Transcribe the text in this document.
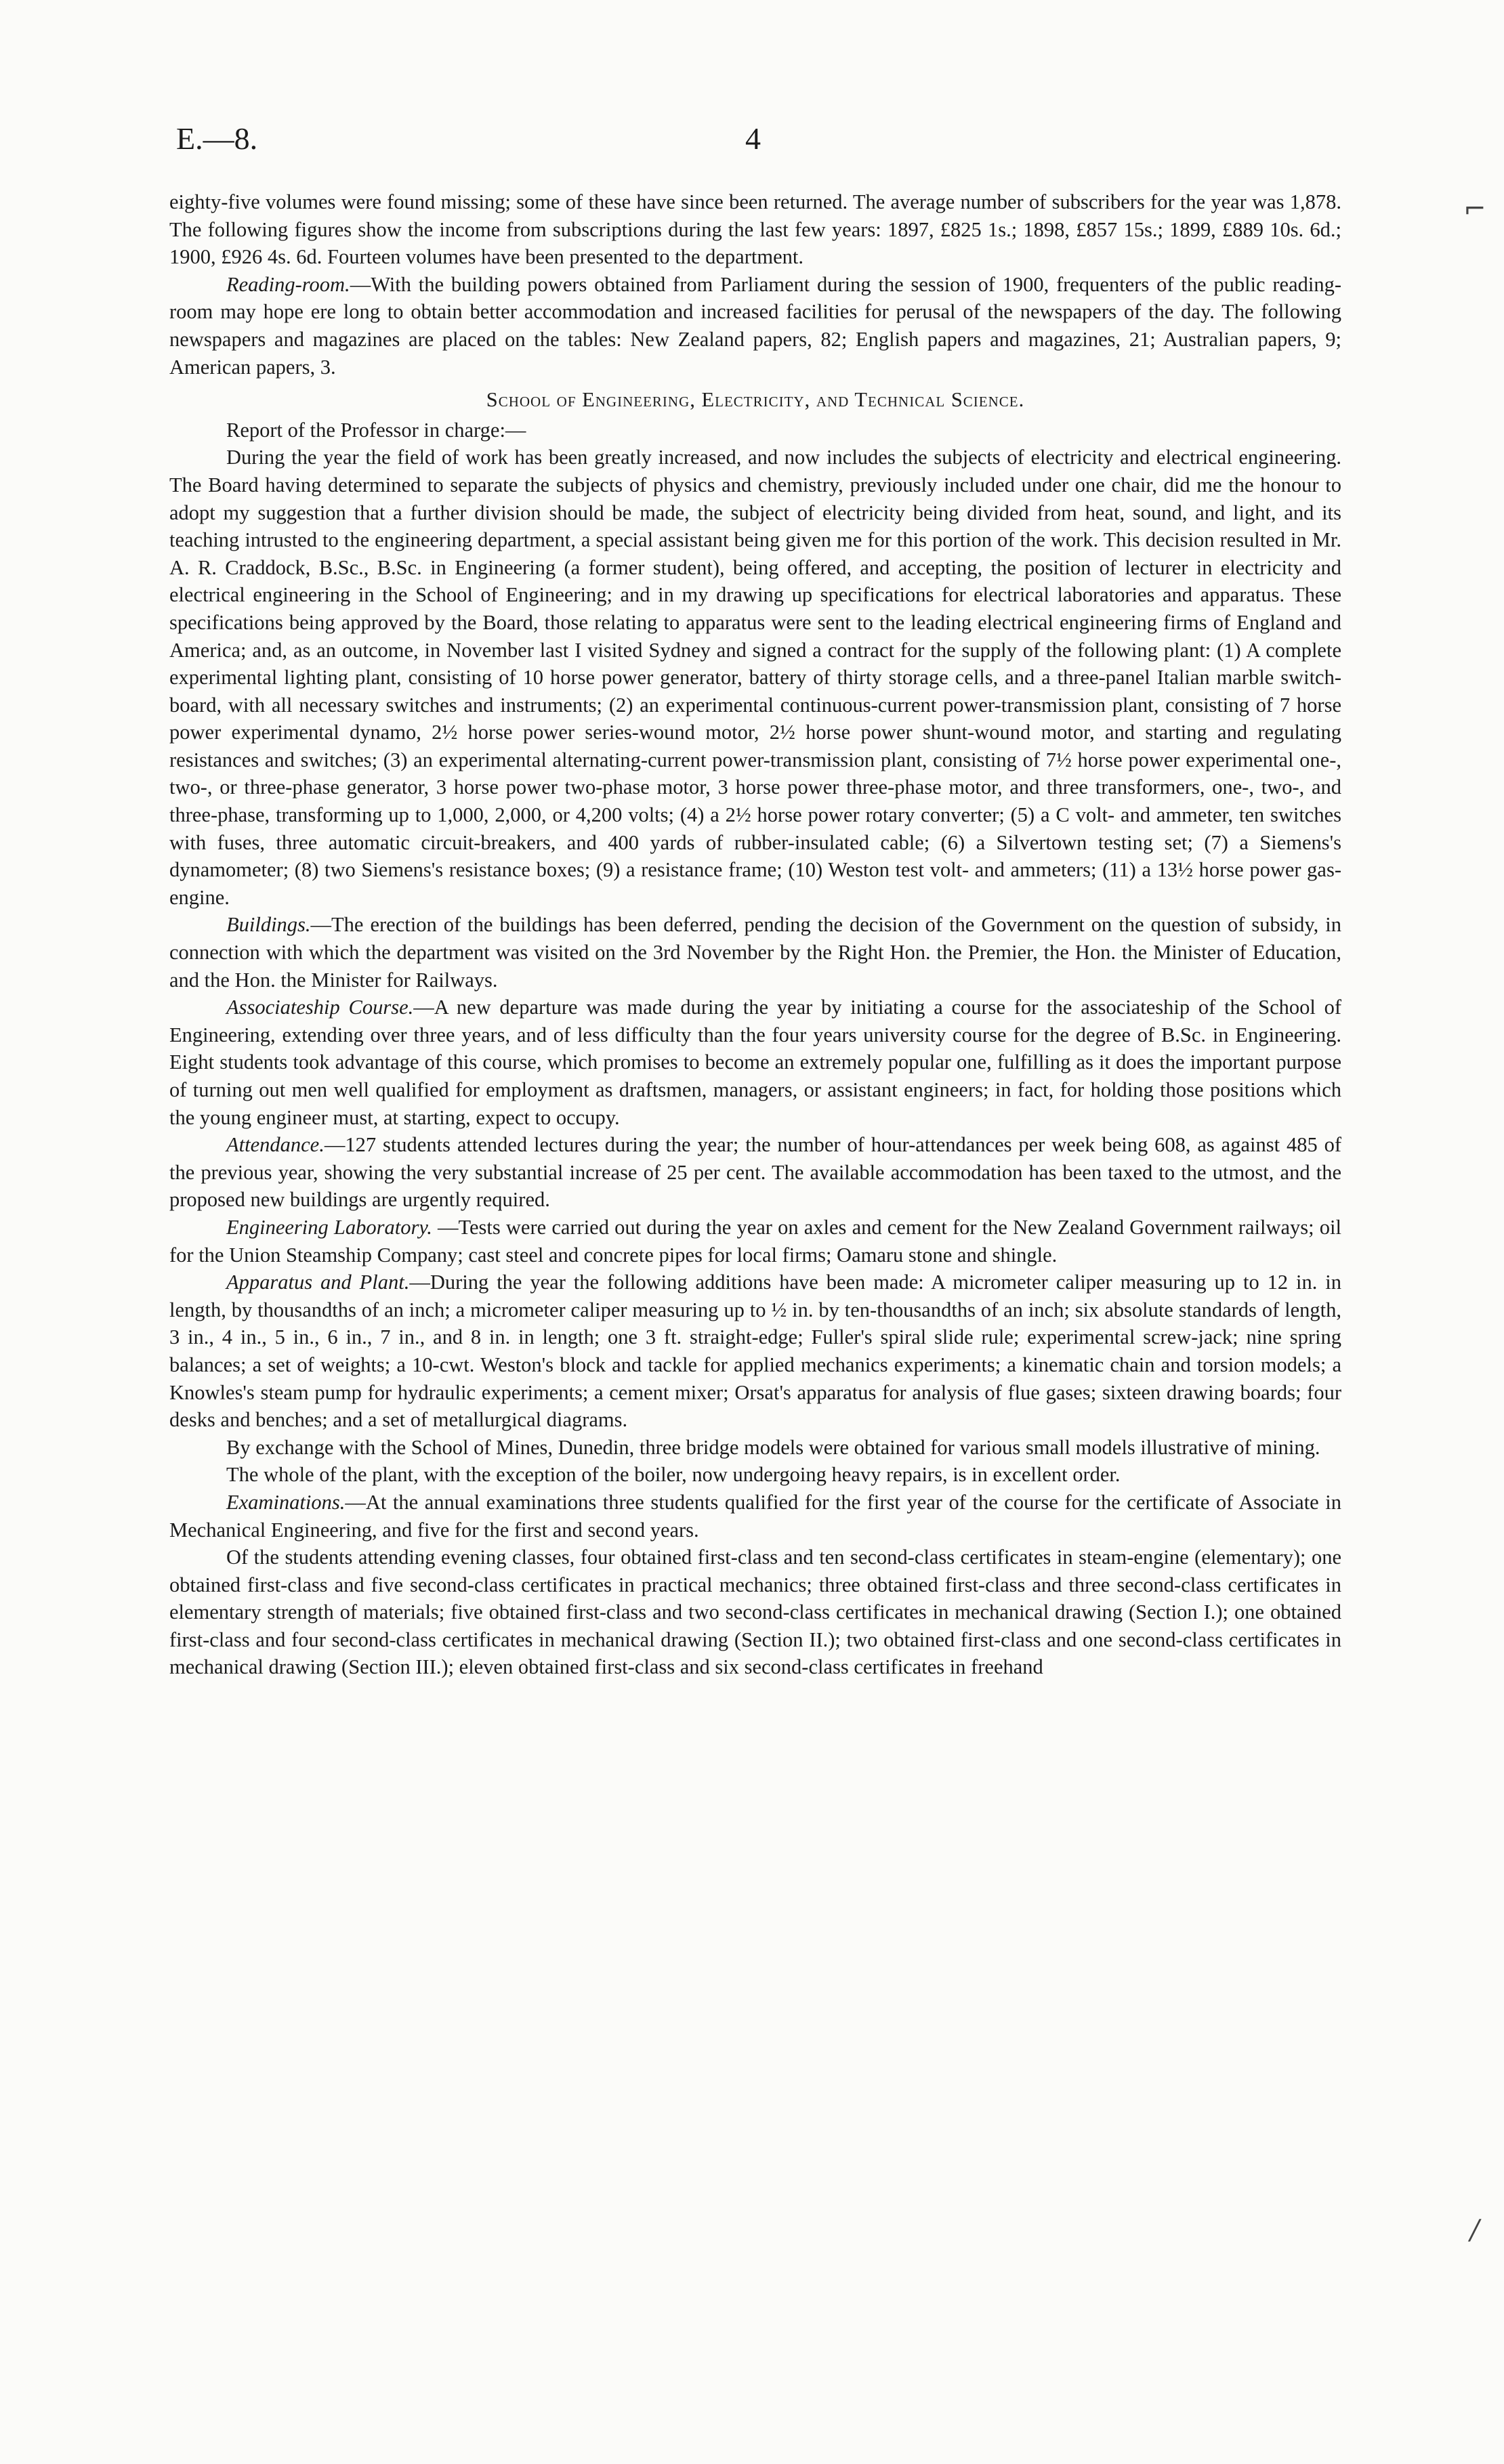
E.—8.	4
⌐
/

eighty-five volumes were found missing; some of these have since been returned. The average number of subscribers for the year was 1,878. The following figures show the income from subscriptions during the last few years: 1897, £825 1s.; 1898, £857 15s.; 1899, £889 10s. 6d.; 1900, £926 4s. 6d. Fourteen volumes have been presented to the department.

Reading-room.—With the building powers obtained from Parliament during the session of 1900, frequenters of the public reading-room may hope ere long to obtain better accommodation and increased facilities for perusal of the newspapers of the day. The following newspapers and magazines are placed on the tables: New Zealand papers, 82; English papers and magazines, 21; Australian papers, 9; American papers, 3.

School of Engineering, Electricity, and Technical Science.

Report of the Professor in charge:—

During the year the field of work has been greatly increased, and now includes the subjects of electricity and electrical engineering. The Board having determined to separate the subjects of physics and chemistry, previously included under one chair, did me the honour to adopt my suggestion that a further division should be made, the subject of electricity being divided from heat, sound, and light, and its teaching intrusted to the engineering department, a special assistant being given me for this portion of the work. This decision resulted in Mr. A. R. Craddock, B.Sc., B.Sc. in Engineering (a former student), being offered, and accepting, the position of lecturer in electricity and electrical engineering in the School of Engineering; and in my drawing up specifications for electrical laboratories and apparatus. These specifications being approved by the Board, those relating to apparatus were sent to the leading electrical engineering firms of England and America; and, as an outcome, in November last I visited Sydney and signed a contract for the supply of the following plant: (1) A complete experimental lighting plant, consisting of 10 horse power generator, battery of thirty storage cells, and a three-panel Italian marble switch-board, with all necessary switches and instruments; (2) an experimental continuous-current power-transmission plant, consisting of 7 horse power experimental dynamo, 2½ horse power series-wound motor, 2½ horse power shunt-wound motor, and starting and regulating resistances and switches; (3) an experimental alternating-current power-transmission plant, consisting of 7½ horse power experimental one-, two-, or three-phase generator, 3 horse power two-phase motor, 3 horse power three-phase motor, and three transformers, one-, two-, and three-phase, transforming up to 1,000, 2,000, or 4,200 volts; (4) a 2½ horse power rotary converter; (5) a C volt- and ammeter, ten switches with fuses, three automatic circuit-breakers, and 400 yards of rubber-insulated cable; (6) a Silvertown testing set; (7) a Siemens's dynamometer; (8) two Siemens's resistance boxes; (9) a resistance frame; (10) Weston test volt- and ammeters; (11) a 13½ horse power gas-engine.

Buildings.—The erection of the buildings has been deferred, pending the decision of the Government on the question of subsidy, in connection with which the department was visited on the 3rd November by the Right Hon. the Premier, the Hon. the Minister of Education, and the Hon. the Minister for Railways.

Associateship Course.—A new departure was made during the year by initiating a course for the associateship of the School of Engineering, extending over three years, and of less difficulty than the four years university course for the degree of B.Sc. in Engineering. Eight students took advantage of this course, which promises to become an extremely popular one, fulfilling as it does the important purpose of turning out men well qualified for employment as draftsmen, managers, or assistant engineers; in fact, for holding those positions which the young engineer must, at starting, expect to occupy.

Attendance.—127 students attended lectures during the year; the number of hour-attendances per week being 608, as against 485 of the previous year, showing the very substantial increase of 25 per cent. The available accommodation has been taxed to the utmost, and the proposed new buildings are urgently required.

Engineering Laboratory. —Tests were carried out during the year on axles and cement for the New Zealand Government railways; oil for the Union Steamship Company; cast steel and concrete pipes for local firms; Oamaru stone and shingle.

Apparatus and Plant.—During the year the following additions have been made: A micrometer caliper measuring up to 12 in. in length, by thousandths of an inch; a micrometer caliper measuring up to ½ in. by ten-thousandths of an inch; six absolute standards of length, 3 in., 4 in., 5 in., 6 in., 7 in., and 8 in. in length; one 3 ft. straight-edge; Fuller's spiral slide rule; experimental screw-jack; nine spring balances; a set of weights; a 10-cwt. Weston's block and tackle for applied mechanics experiments; a kinematic chain and torsion models; a Knowles's steam pump for hydraulic experiments; a cement mixer; Orsat's apparatus for analysis of flue gases; sixteen drawing boards; four desks and benches; and a set of metallurgical diagrams.

By exchange with the School of Mines, Dunedin, three bridge models were obtained for various small models illustrative of mining.

The whole of the plant, with the exception of the boiler, now undergoing heavy repairs, is in excellent order.

Examinations.—At the annual examinations three students qualified for the first year of the course for the certificate of Associate in Mechanical Engineering, and five for the first and second years.

Of the students attending evening classes, four obtained first-class and ten second-class certificates in steam-engine (elementary); one obtained first-class and five second-class certificates in practical mechanics; three obtained first-class and three second-class certificates in elementary strength of materials; five obtained first-class and two second-class certificates in mechanical drawing (Section I.); one obtained first-class and four second-class certificates in mechanical drawing (Section II.); two obtained first-class and one second-class certificates in mechanical drawing (Section III.); eleven obtained first-class and six second-class certificates in freehand
